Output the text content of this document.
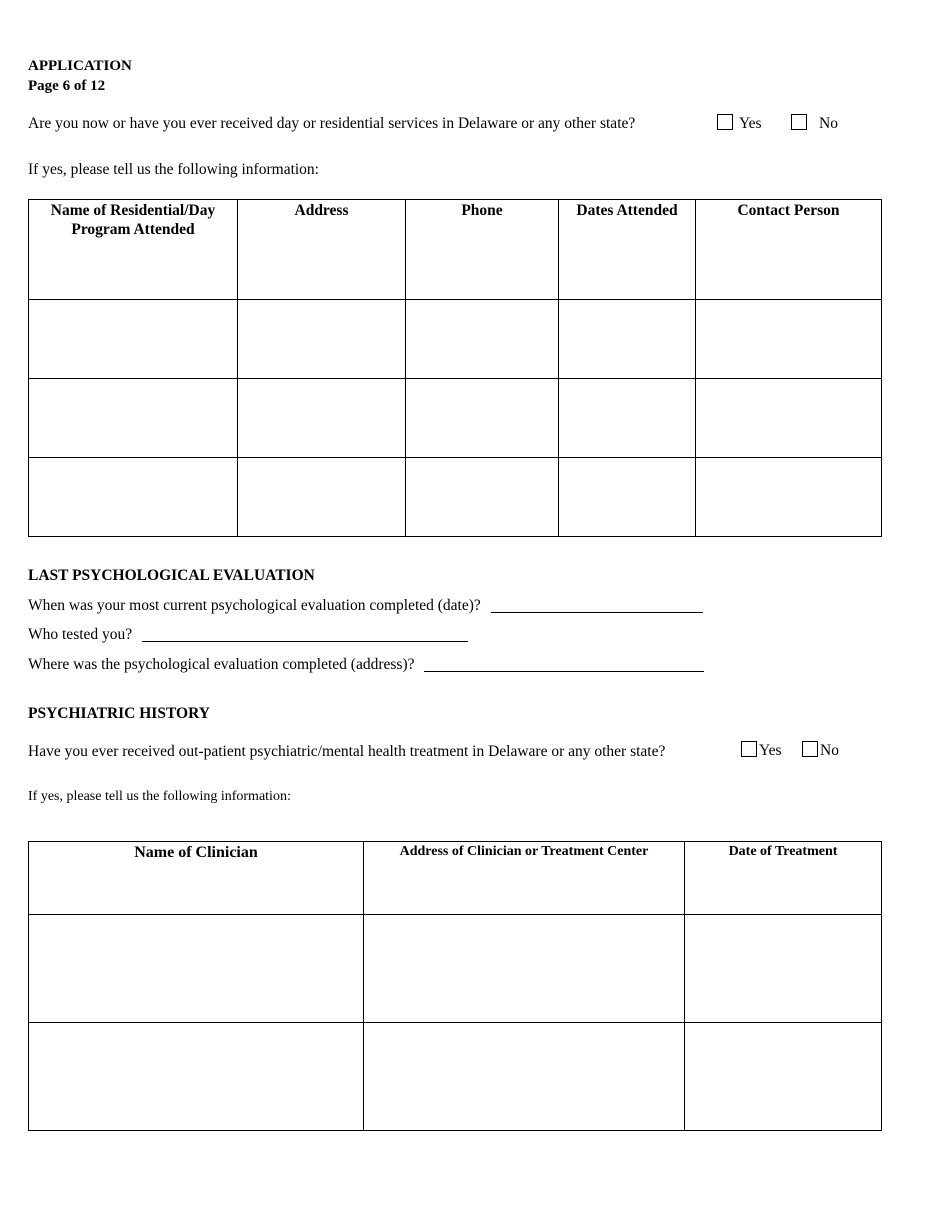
APPLICATION
Page 6 of 12
Are you now or have you ever received day or residential services in Delaware or any other state?	Yes	No
If yes, please tell us the following information:
Name of Residential/Day Program Attended	Address	Phone	Dates Attended	Contact Person

LAST PSYCHOLOGICAL EVALUATION
When was your most current psychological evaluation completed (date)?
Who tested you?
Where was the psychological evaluation completed (address)?
PSYCHIATRIC HISTORY
Have you ever received out-patient psychiatric/mental health treatment in Delaware or any other state?	Yes	No
If yes, please tell us the following information:
Name of Clinician	Address of Clinician or Treatment Center	Date of Treatment
